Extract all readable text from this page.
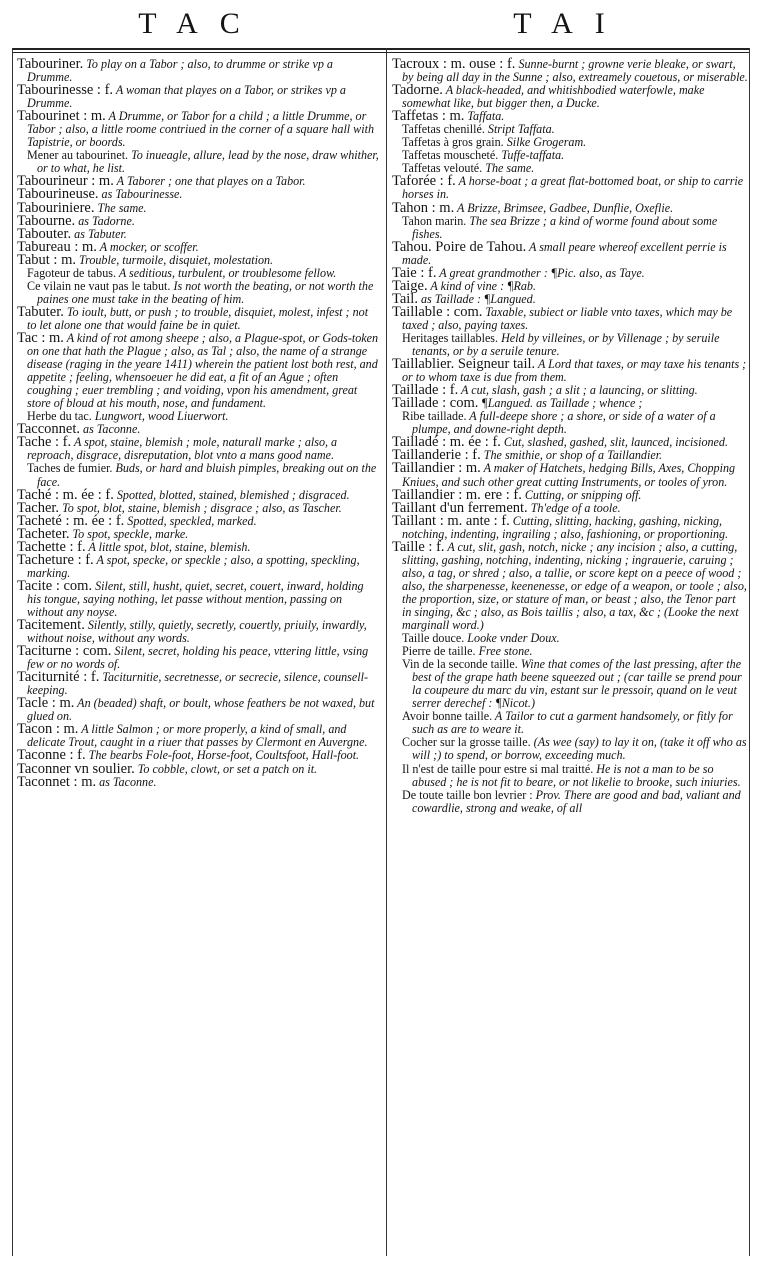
TAC	TAI

Tabouriner. To play on a Tabor ; also, to drumme or strike vp a Drumme.

Tabourinesse : f. A woman that playes on a Tabor, or strikes vp a Drumme.

Tabourinet : m. A Drumme, or Tabor for a child ; a little Drumme, or Tabor ; also, a little roome contriued in the corner of a square hall with Tapistrie, or boords.

Mener au tabourinet. To inueagle, allure, lead by the nose, draw whither, or to what, he list.

Tabourineur : m. A Taborer ; one that playes on a Tabor.

Tabourineuse. as Tabourinesse.

Tabouriniere. The same.

Tabourne. as Tadorne.

Tabouter. as Tabuter.

Tabureau : m. A mocker, or scoffer.

Tabut : m. Trouble, turmoile, disquiet, molestation.

Fagoteur de tabus. A seditious, turbulent, or troublesome fellow.

Ce vilain ne vaut pas le tabut. Is not worth the beating, or not worth the paines one must take in the beating of him.

Tabuter. To ioult, butt, or push ; to trouble, disquiet, molest, infest ; not to let alone one that would faine be in quiet.

Tac : m. A kind of rot among sheepe ; also, a Plague-spot, or Gods-token on one that hath the Plague ; also, as Tal ; also, the name of a strange disease (raging in the yeare 1411) wherein the patient lost both rest, and appetite ; feeling, whensoeuer he did eat, a fit of an Ague ; often coughing ; euer trembling ; and voiding, vpon his amendment, great store of bloud at his mouth, nose, and fundament.

Herbe du tac. Lungwort, wood Liuerwort.

Tacconnet. as Taconne.

Tache : f. A spot, staine, blemish ; mole, naturall marke ; also, a reproach, disgrace, disreputation, blot vnto a mans good name.

Taches de fumier. Buds, or hard and bluish pimples, breaking out on the face.

Taché : m. ée : f. Spotted, blotted, stained, blemished ; disgraced.

Tacher. To spot, blot, staine, blemish ; disgrace ; also, as Tascher.

Tacheté : m. ée : f. Spotted, speckled, marked.

Tacheter. To spot, speckle, marke.

Tachette : f. A little spot, blot, staine, blemish.

Tacheture : f. A spot, specke, or speckle ; also, a spotting, speckling, marking.

Tacite : com. Silent, still, husht, quiet, secret, couert, inward, holding his tongue, saying nothing, let passe without mention, passing on without any noyse.

Tacitement. Silently, stilly, quietly, secretly, couertly, priuily, inwardly, without noise, without any words.

Taciturne : com. Silent, secret, holding his peace, vttering little, vsing few or no words of.

Taciturnité : f. Taciturnitie, secretnesse, or secrecie, silence, counsell-keeping.

Tacle : m. An (beaded) shaft, or boult, whose feathers be not waxed, but glued on.

Tacon : m. A little Salmon ; or more properly, a kind of small, and delicate Trout, caught in a riuer that passes by Clermont en Auvergne.

Taconne : f. The bearbs Fole-foot, Horse-foot, Coultsfoot, Hall-foot.

Taconner vn soulier. To cobble, clowt, or set a patch on it.

Taconnet : m. as Taconne.

Tacroux : m. ouse : f. Sunne-burnt ; growne verie bleake, or swart, by being all day in the Sunne ; also, extreamely couetous, or miserable.

Tadorne. A black-headed, and whitishbodied waterfowle, make somewhat like, but bigger then, a Ducke.

Taffetas : m. Taffata.

Taffetas chenillé. Stript Taffata.

Taffetas à gros grain. Silke Grogeram.

Taffetas mouscheté. Tuffe-taffata.

Taffetas velouté. The same.

Taforée : f. A horse-boat ; a great flat-bottomed boat, or ship to carrie horses in.

Tahon : m. A Brizze, Brimsee, Gadbee, Dunflie, Oxeflie.

Tahon marin. The sea Brizze ; a kind of worme found about some fishes.

Tahou. Poire de Tahou. A small peare whereof excellent perrie is made.

Taie : f. A great grandmother : ¶Pic. also, as Taye.

Taige. A kind of vine : ¶Rab.

Tail. as Taillade : ¶Langued.

Taillable : com. Taxable, subiect or liable vnto taxes, which may be taxed ; also, paying taxes.

Heritages taillables. Held by villeines, or by Villenage ; by seruile tenants, or by a seruile tenure.

Taillablier. Seigneur tail. A Lord that taxes, or may taxe his tenants ; or to whom taxe is due from them.

Taillade : f. A cut, slash, gash ; a slit ; a launcing, or slitting.

Taillade : com. ¶Langued. as Taillade ; whence ;

Ribe taillade. A full-deepe shore ; a shore, or side of a water of a plumpe, and downe-right depth.

Tailladé : m. ée : f. Cut, slashed, gashed, slit, launced, incisioned.

Taillanderie : f. The smithie, or shop of a Taillandier.

Taillandier : m. A maker of Hatchets, hedging Bills, Axes, Chopping Kniues, and such other great cutting Instruments, or tooles of yron.

Taillandier : m. ere : f. Cutting, or snipping off.

Taillant d'un ferrement. Th'edge of a toole.

Taillant : m. ante : f. Cutting, slitting, hacking, gashing, nicking, notching, indenting, ingrailing ; also, fashioning, or proportioning.

Taille : f. A cut, slit, gash, notch, nicke ; any incision ; also, a cutting, slitting, gashing, notching, indenting, nicking ; ingrauerie, caruing ; also, a tag, or shred ; also, a tallie, or score kept on a peece of wood ; also, the sharpenesse, keenenesse, or edge of a weapon, or toole ; also, the proportion, size, or stature of man, or beast ; also, the Tenor part in singing, &c ; also, as Bois taillis ; also, a tax, &c ; (Looke the next marginall word.)

Taille douce. Looke vnder Doux.

Pierre de taille. Free stone.

Vin de la seconde taille. Wine that comes of the last pressing, after the best of the grape hath beene squeezed out ; (car taille se prend pour la coupeure du marc du vin, estant sur le pressoir, quand on le veut serrer derechef : ¶Nicot.)

Avoir bonne taille. A Tailor to cut a garment handsomely, or fitly for such as are to weare it.

Cocher sur la grosse taille. (As wee (say) to lay it on, (take it off who as will ;) to spend, or borrow, exceeding much.

Il n'est de taille pour estre si mal traitté. He is not a man to be so abused ; he is not fit to beare, or not likelie to brooke, such iniuries.

De toute taille bon levrier : Prov. There are good and bad, valiant and cowardlie, strong and weake, of all
